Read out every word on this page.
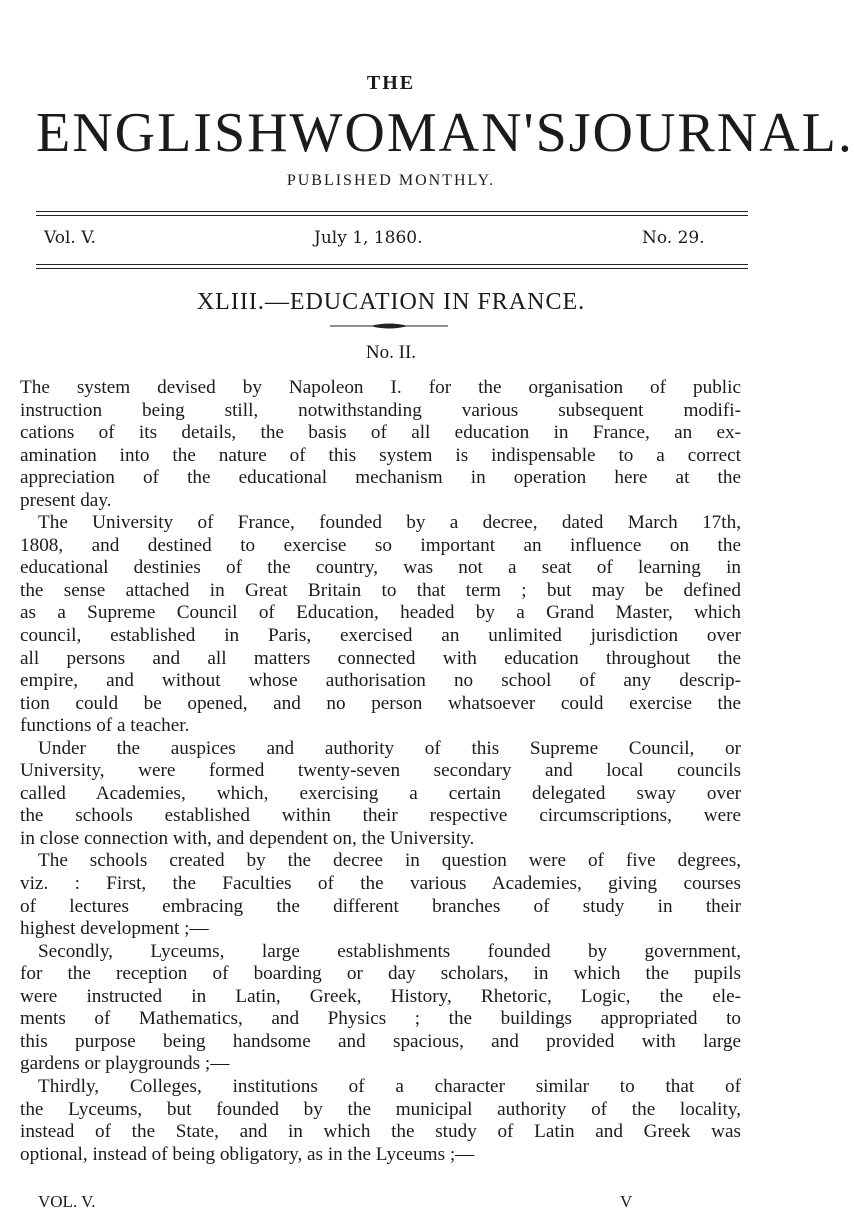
THE
ENGLISH WOMAN'S JOURNAL.
PUBLISHED MONTHLY.
Vol. V.	July 1, 1860.	No. 29.
XLIII.—EDUCATION IN FRANCE.
No. II.
The system devised by Napoleon I. for the organisation of public
instruction being still, notwithstanding various subsequent modifi-
cations of its details, the basis of all education in France, an ex-
amination into the nature of this system is indispensable to a correct
appreciation of the educational mechanism in operation here at the
present day.
The University of France, founded by a decree, dated March 17th,
1808, and destined to exercise so important an influence on the
educational destinies of the country, was not a seat of learning in
the sense attached in Great Britain to that term ; but may be defined
as a Supreme Council of Education, headed by a Grand Master, which
council, established in Paris, exercised an unlimited jurisdiction over
all persons and all matters connected with education throughout the
empire, and without whose authorisation no school of any descrip-
tion could be opened, and no person whatsoever could exercise the
functions of a teacher.
Under the auspices and authority of this Supreme Council, or
University, were formed twenty-seven secondary and local councils
called Academies, which, exercising a certain delegated sway over
the schools established within their respective circumscriptions, were
in close connection with, and dependent on, the University.
The schools created by the decree in question were of five degrees,
viz. : First, the Faculties of the various Academies, giving courses
of lectures embracing the different branches of study in their
highest development ;—
Secondly, Lyceums, large establishments founded by government,
for the reception of boarding or day scholars, in which the pupils
were instructed in Latin, Greek, History, Rhetoric, Logic, the ele-
ments of Mathematics, and Physics ; the buildings appropriated to
this purpose being handsome and spacious, and provided with large
gardens or playgrounds ;—
Thirdly, Colleges, institutions of a character similar to that of
the Lyceums, but founded by the municipal authority of the locality,
instead of the State, and in which the study of Latin and Greek was
optional, instead of being obligatory, as in the Lyceums ;—
VOL. V.	V
